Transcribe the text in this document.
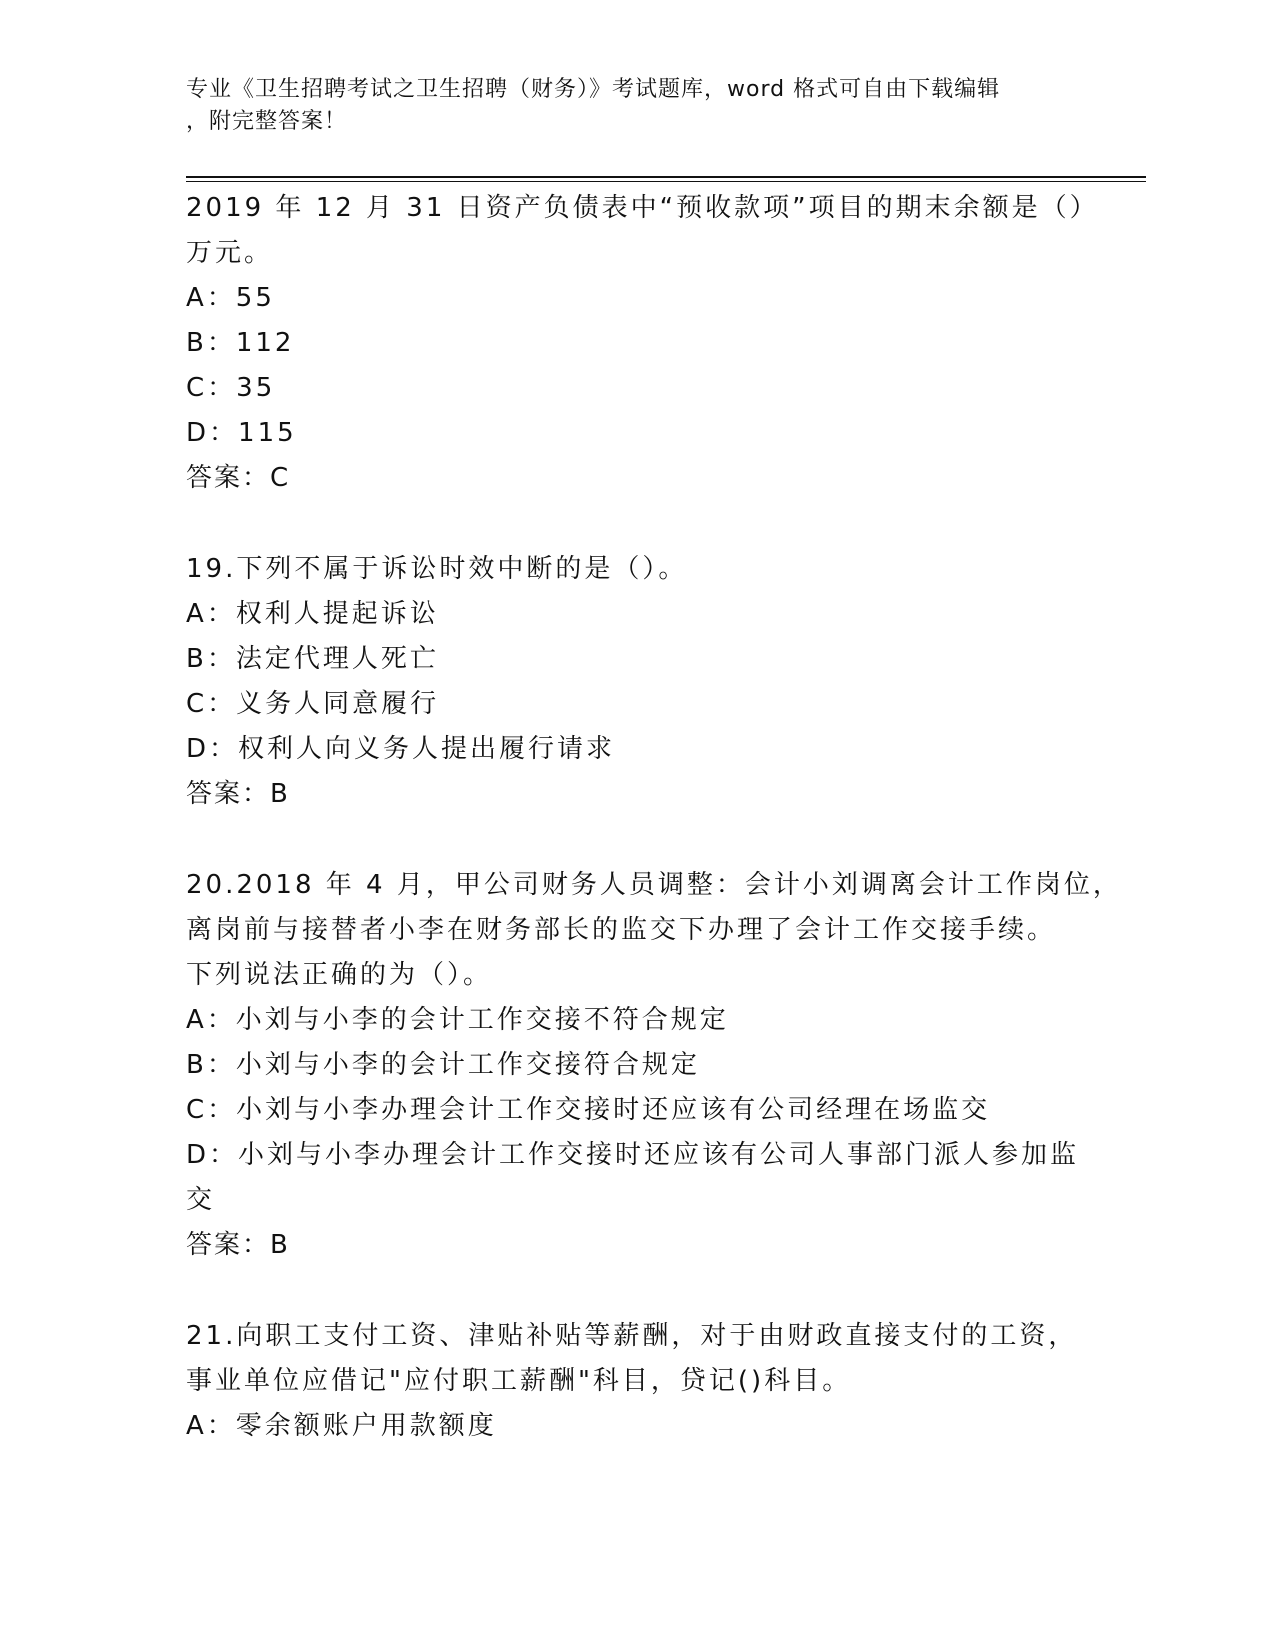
专业《卫生招聘考试之卫生招聘（财务）》考试题库，word 格式可自由下载编辑
，附完整答案！
2019 年 12 月 31 日资产负债表中“预收款项”项目的期末余额是（）
万元。
A：55
B：112
C：35
D：115
答案：C
19.下列不属于诉讼时效中断的是（）。
A：权利人提起诉讼
B：法定代理人死亡
C：义务人同意履行
D：权利人向义务人提出履行请求
答案：B
20.2018 年 4 月，甲公司财务人员调整：会计小刘调离会计工作岗位，
离岗前与接替者小李在财务部长的监交下办理了会计工作交接手续。
下列说法正确的为（）。
A：小刘与小李的会计工作交接不符合规定
B：小刘与小李的会计工作交接符合规定
C：小刘与小李办理会计工作交接时还应该有公司经理在场监交
D：小刘与小李办理会计工作交接时还应该有公司人事部门派人参加监
交
答案：B
21.向职工支付工资、津贴补贴等薪酬，对于由财政直接支付的工资，
事业单位应借记"应付职工薪酬"科目，贷记()科目。
A：零余额账户用款额度
